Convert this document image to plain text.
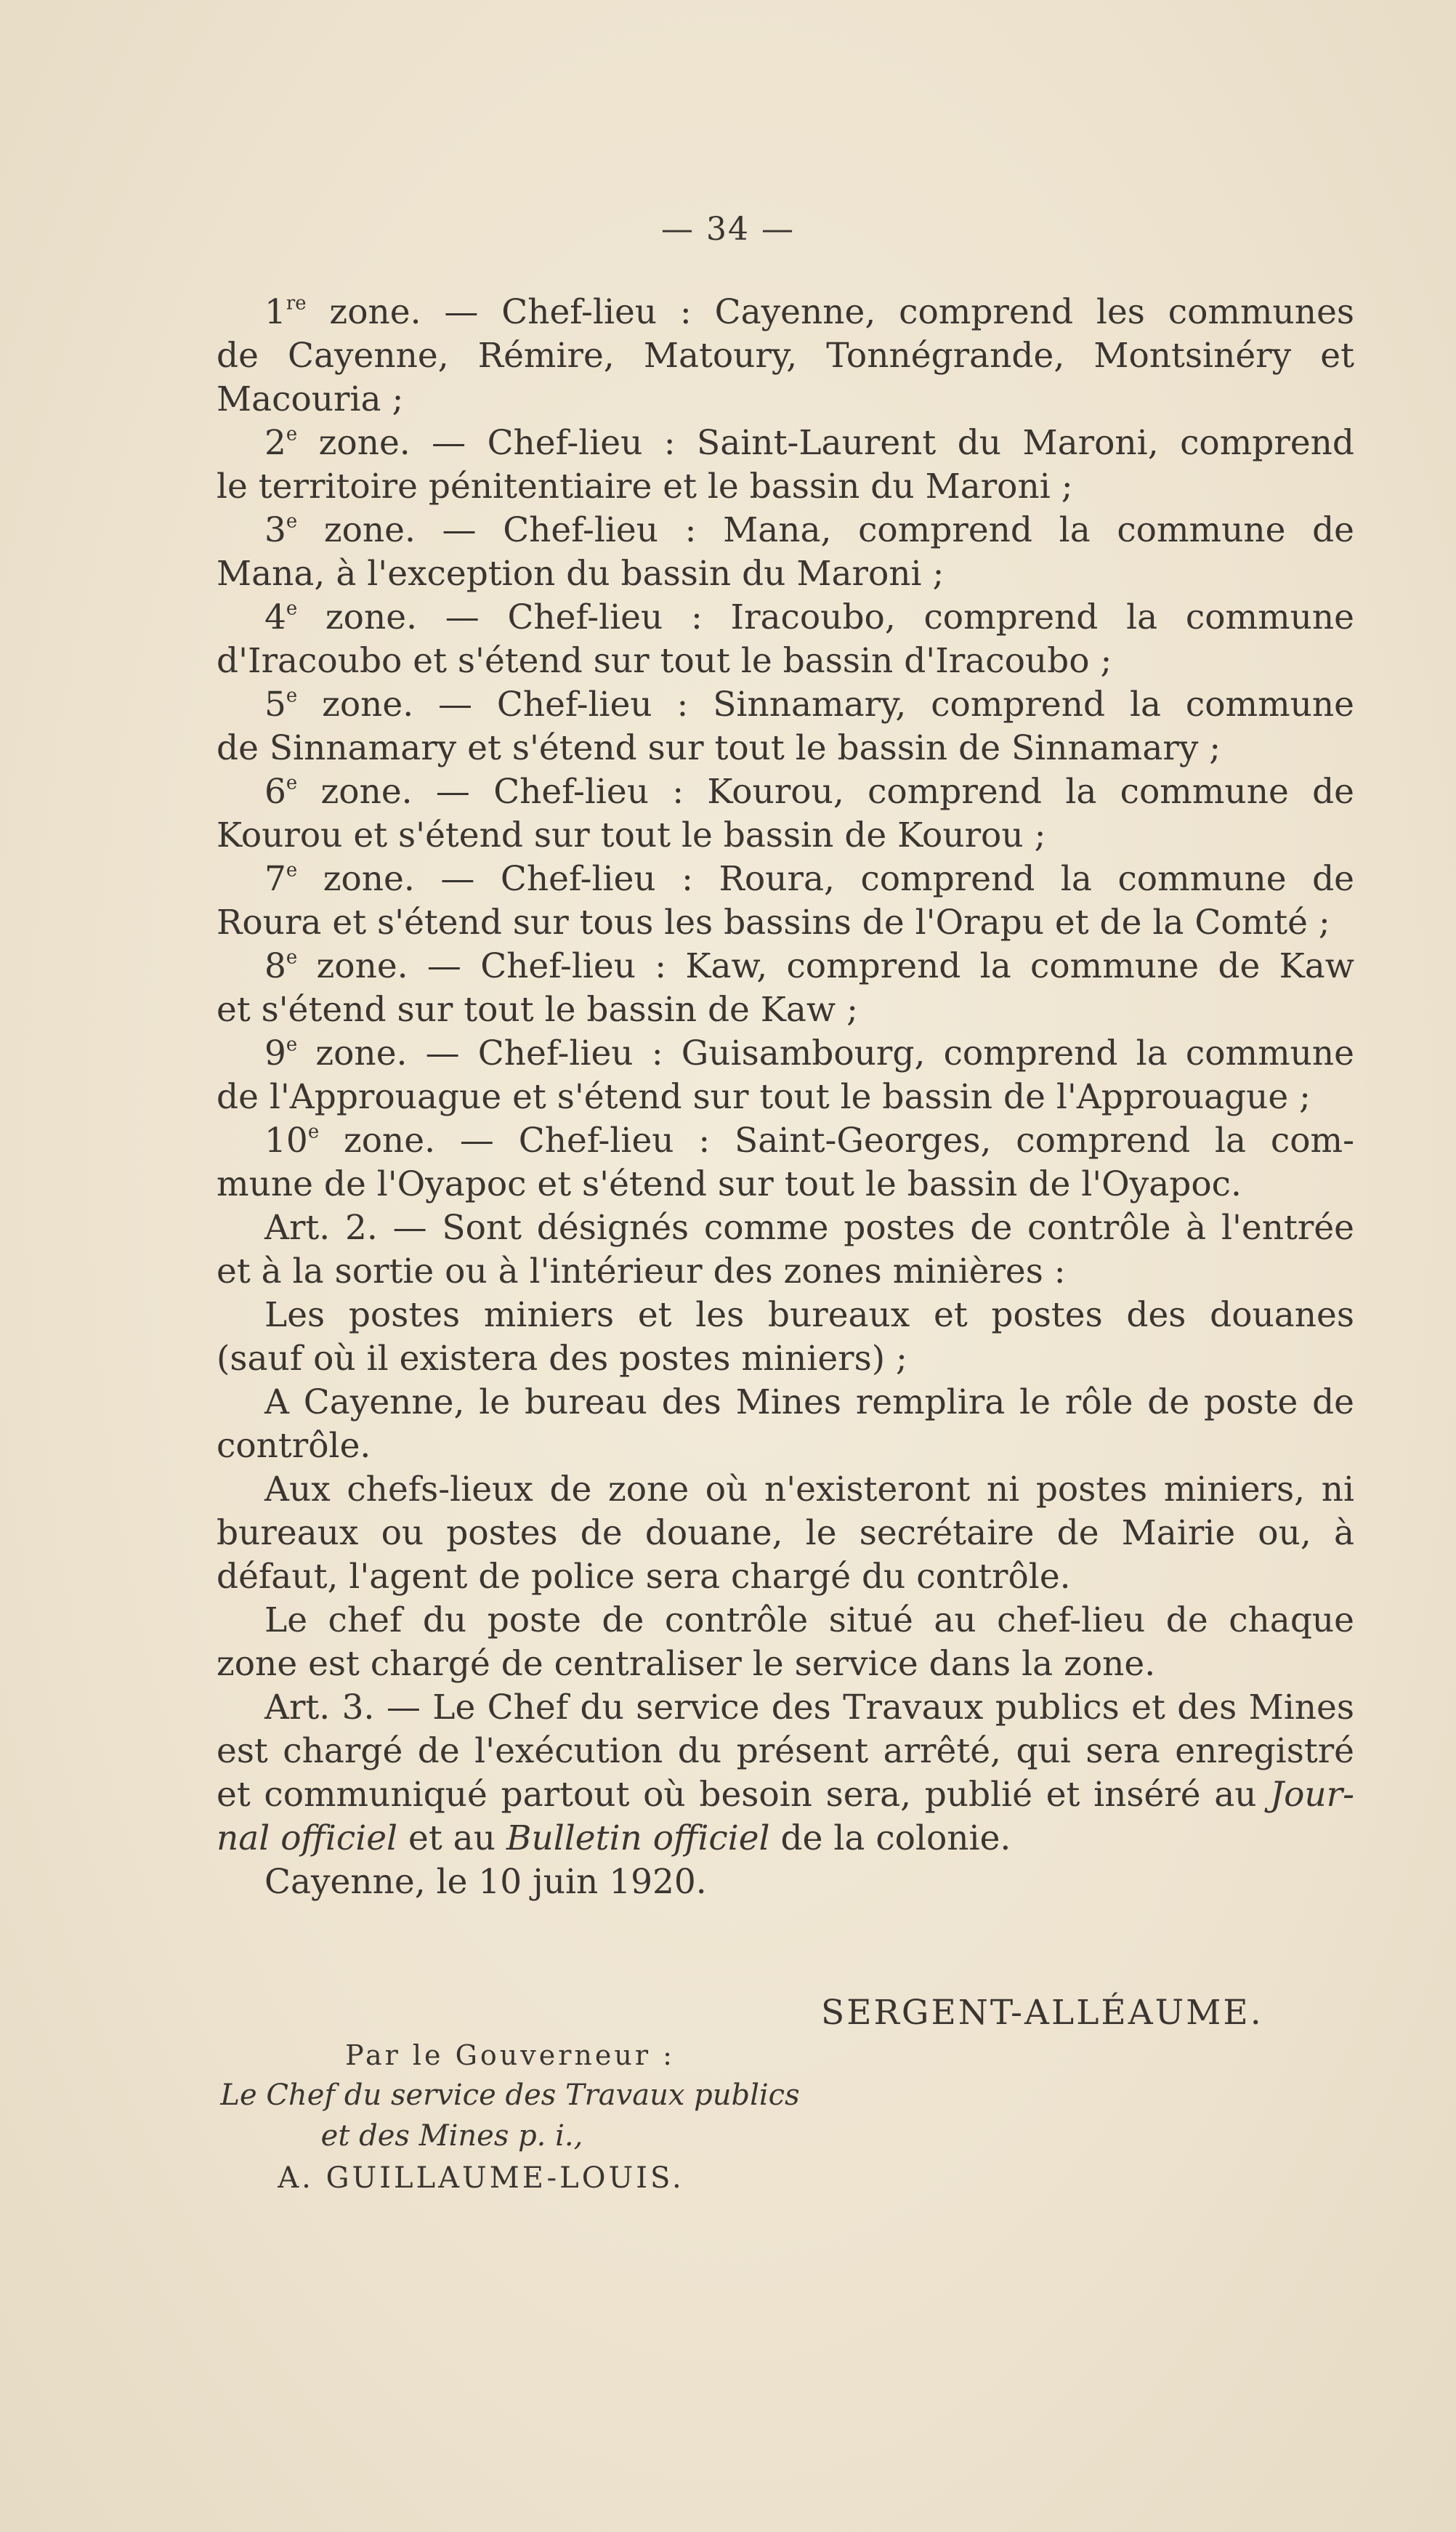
— 34 —
1re zone. — Chef-lieu : Cayenne, comprend les communes
de Cayenne, Rémire, Matoury, Tonnégrande, Montsinéry et
Macouria ;
2e zone. — Chef-lieu : Saint-Laurent du Maroni, comprend
le territoire pénitentiaire et le bassin du Maroni ;
3e zone. — Chef-lieu : Mana, comprend la commune de
Mana, à l'exception du bassin du Maroni ;
4e zone. — Chef-lieu : Iracoubo, comprend la commune
d'Iracoubo et s'étend sur tout le bassin d'Iracoubo ;
5e zone. — Chef-lieu : Sinnamary, comprend la commune
de Sinnamary et s'étend sur tout le bassin de Sinnamary ;
6e zone. — Chef-lieu : Kourou, comprend la commune de
Kourou et s'étend sur tout le bassin de Kourou ;
7e zone. — Chef-lieu : Roura, comprend la commune de
Roura et s'étend sur tous les bassins de l'Orapu et de la Comté ;
8e zone. — Chef-lieu : Kaw, comprend la commune de Kaw
et s'étend sur tout le bassin de Kaw ;
9e zone. — Chef-lieu : Guisambourg, comprend la commune
de l'Approuague et s'étend sur tout le bassin de l'Approuague ;
10e zone. — Chef-lieu : Saint-Georges, comprend la com-
mune de l'Oyapoc et s'étend sur tout le bassin de l'Oyapoc.
Art. 2. — Sont désignés comme postes de contrôle à l'entrée
et à la sortie ou à l'intérieur des zones minières :
Les postes miniers et les bureaux et postes des douanes
(sauf où il existera des postes miniers) ;
A Cayenne, le bureau des Mines remplira le rôle de poste de
contrôle.
Aux chefs-lieux de zone où n'existeront ni postes miniers, ni
bureaux ou postes de douane, le secrétaire de Mairie ou, à
défaut, l'agent de police sera chargé du contrôle.
Le chef du poste de contrôle situé au chef-lieu de chaque
zone est chargé de centraliser le service dans la zone.
Art. 3. — Le Chef du service des Travaux publics et des Mines
est chargé de l'exécution du présent arrêté, qui sera enregistré
et communiqué partout où besoin sera, publié et inséré au Jour-
nal officiel et au Bulletin officiel de la colonie.
Cayenne, le 10 juin 1920.
SERGENT-ALLÉAUME.
Par le Gouverneur :
Le Chef du service des Travaux publics
et des Mines p. i.,
A. GUILLAUME-LOUIS.
